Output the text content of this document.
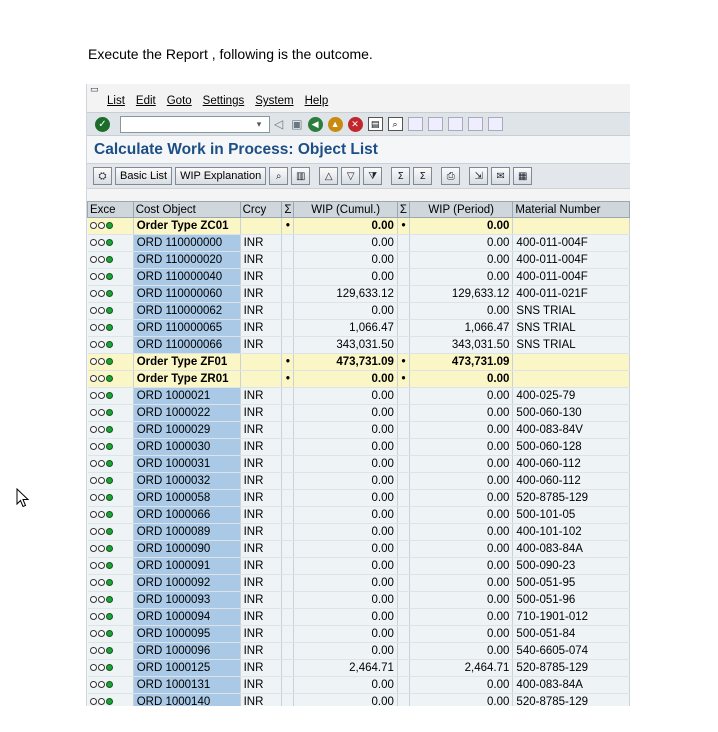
Execute the Report , following is the outcome.
▭
List Edit Goto Settings System Help
✓	▾	◁ ▣	◀	▲	✕	▤	⌕
Calculate Work in Process: Object List
⛭	Basic List	WIP Explanation	⌕	▥	△	▽	⧩	Σ	Σ	⎙	⇲	✉	▦
Exce	Cost Object	Crcy	Σ	WIP (Cumul.)	Σ	WIP (Period)	Material Number

	Order Type ZC01		•	0.00	•	0.00	

	ORD 110000000	INR		0.00		0.00	400-011-004F

	ORD 110000020	INR		0.00		0.00	400-011-004F

	ORD 110000040	INR		0.00		0.00	400-011-004F

	ORD 110000060	INR		129,633.12		129,633.12	400-011-021F

	ORD 110000062	INR		0.00		0.00	SNS TRIAL

	ORD 110000065	INR		1,066.47		1,066.47	SNS TRIAL

	ORD 110000066	INR		343,031.50		343,031.50	SNS TRIAL

	Order Type ZF01		•	473,731.09	•	473,731.09	

	Order Type ZR01		•	0.00	•	0.00	

	ORD 1000021	INR		0.00		0.00	400-025-79

	ORD 1000022	INR		0.00		0.00	500-060-130

	ORD 1000029	INR		0.00		0.00	400-083-84V

	ORD 1000030	INR		0.00		0.00	500-060-128

	ORD 1000031	INR		0.00		0.00	400-060-112

	ORD 1000032	INR		0.00		0.00	400-060-112

	ORD 1000058	INR		0.00		0.00	520-8785-129

	ORD 1000066	INR		0.00		0.00	500-101-05

	ORD 1000089	INR		0.00		0.00	400-101-102

	ORD 1000090	INR		0.00		0.00	400-083-84A

	ORD 1000091	INR		0.00		0.00	500-090-23

	ORD 1000092	INR		0.00		0.00	500-051-95

	ORD 1000093	INR		0.00		0.00	500-051-96

	ORD 1000094	INR		0.00		0.00	710-1901-012

	ORD 1000095	INR		0.00		0.00	500-051-84

	ORD 1000096	INR		0.00		0.00	540-6605-074

	ORD 1000125	INR		2,464.71		2,464.71	520-8785-129

	ORD 1000131	INR		0.00		0.00	400-083-84A

	ORD 1000140	INR		0.00		0.00	520-8785-129
